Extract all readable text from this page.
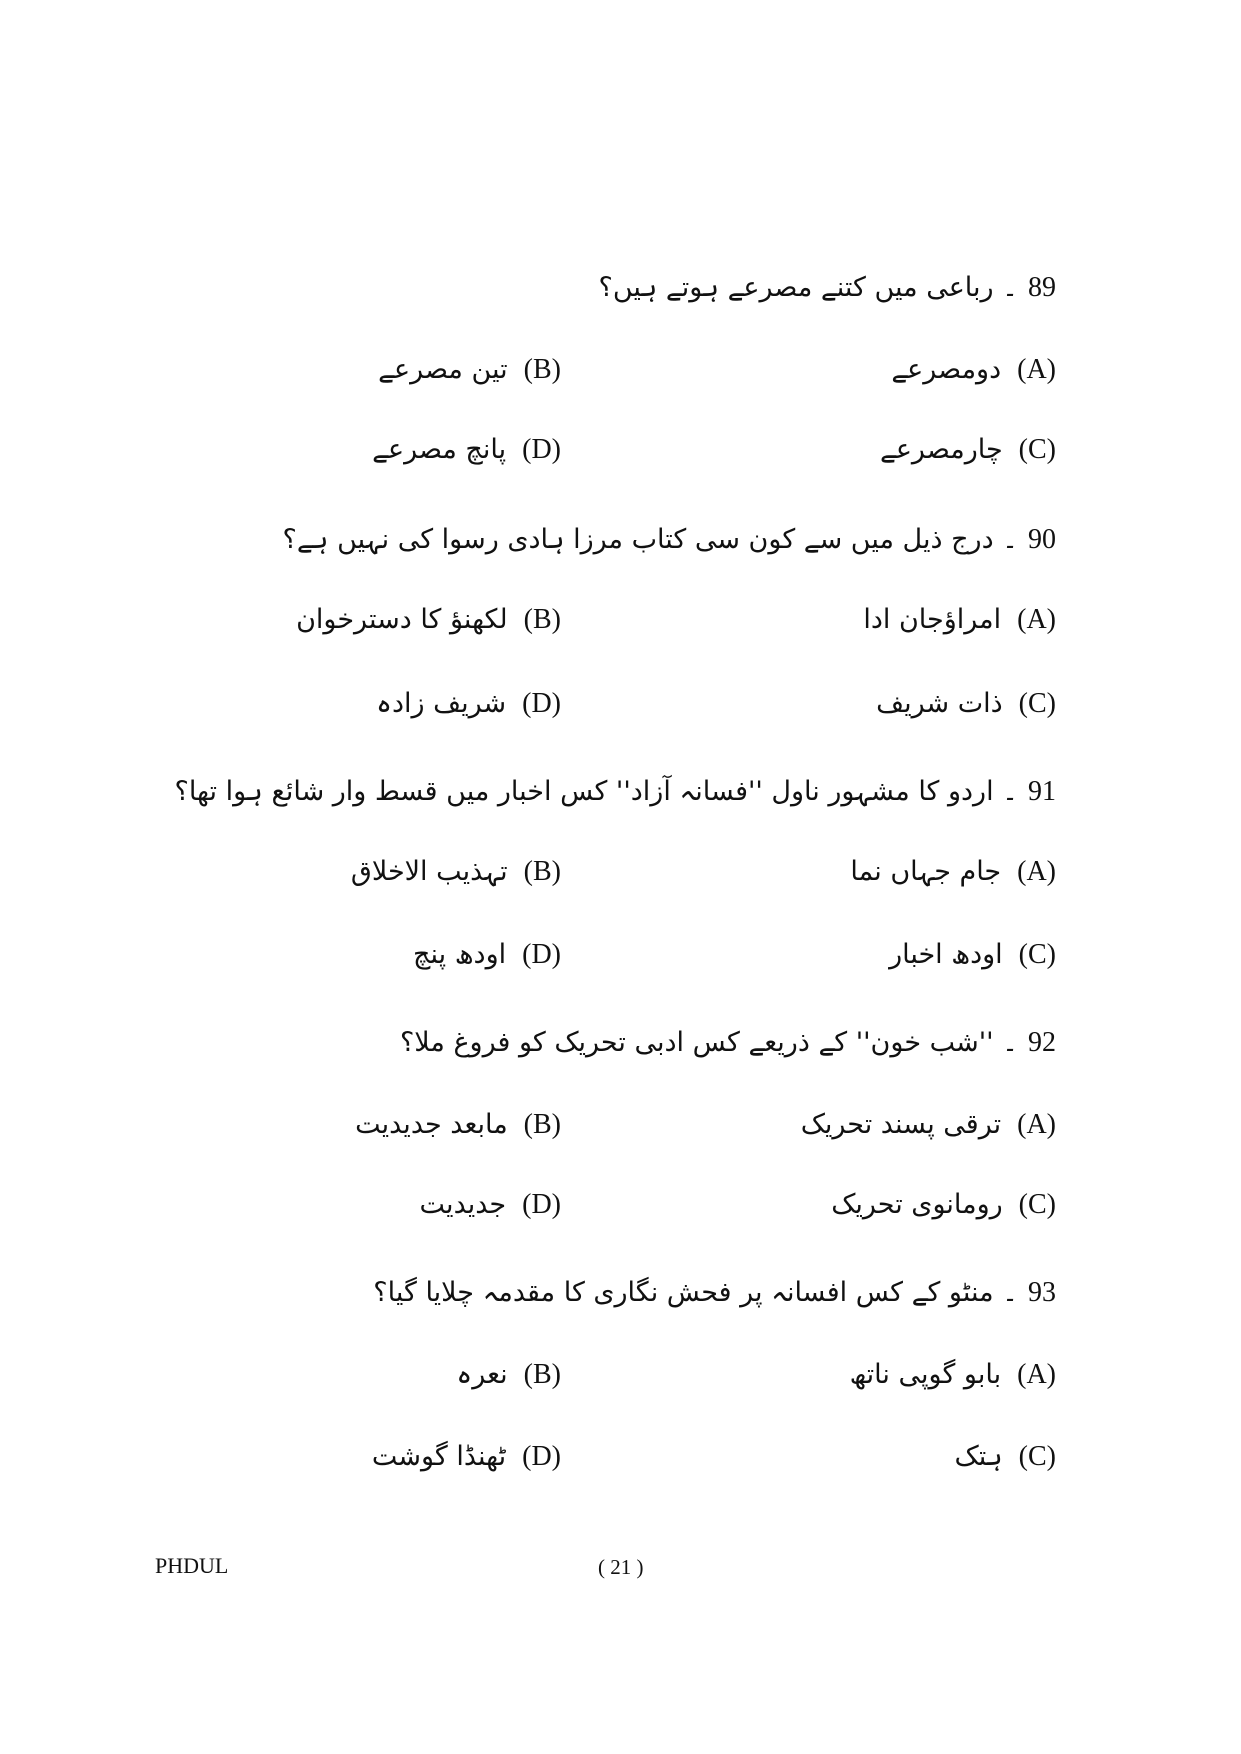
89۔ رباعی میں کتنے مصرعے ہوتے ہیں؟
(A)دومصرعے
(B)تین مصرعے
(C)چارمصرعے
(D)پانچ مصرعے
90۔ درج ذیل میں سے کون سی کتاب مرزا ہادی رسوا کی نہیں ہے؟
(A)امراؤجان ادا
(B)لکھنؤ کا دسترخوان
(C)ذات شریف
(D)شریف زادہ
91۔ اردو کا مشہور ناول ''فسانہ آزاد'' کس اخبار میں قسط وار شائع ہوا تھا؟
(A)جام جہاں نما
(B)تہذیب الاخلاق
(C)اودھ اخبار
(D)اودھ پنچ
92۔ ''شب خون'' کے ذریعے کس ادبی تحریک کو فروغ ملا؟
(A)ترقی پسند تحریک
(B)مابعد جدیدیت
(C)رومانوی تحریک
(D)جدیدیت
93۔ منٹو کے کس افسانہ پر فحش نگاری کا مقدمہ چلایا گیا؟
(A)بابو گوپی ناتھ
(B)نعرہ
(C)ہتک
(D)ٹھنڈا گوشت
PHDUL	( 21 )
